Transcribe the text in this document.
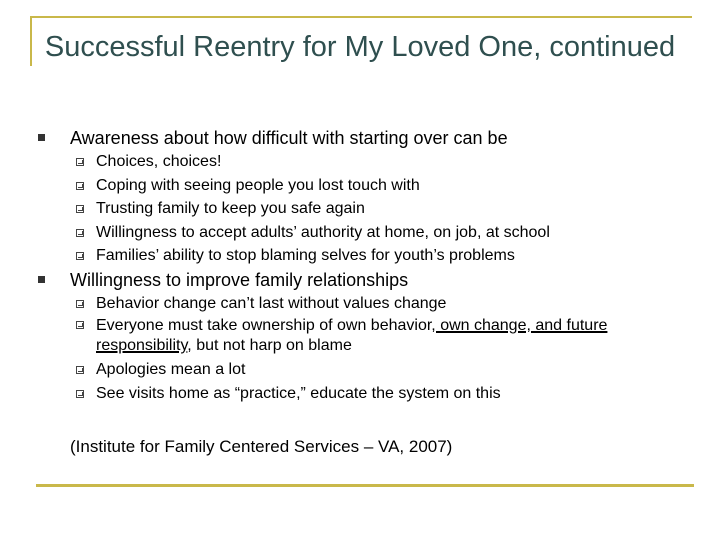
Successful Reentry for My Loved One, continued
Awareness about how difficult with starting over can be
Choices, choices!
Coping with seeing people you lost touch with
Trusting family to keep you safe again
Willingness to accept adults’ authority at home, on job, at school
Families’ ability to stop blaming selves for youth’s problems
Willingness to improve family relationships
Behavior change can’t last without values change
Everyone must take ownership of own behavior, own change, and future responsibility, but not harp on blame
Apologies mean a lot
See visits home as “practice,” educate the system on this
(Institute for Family Centered Services – VA, 2007)
